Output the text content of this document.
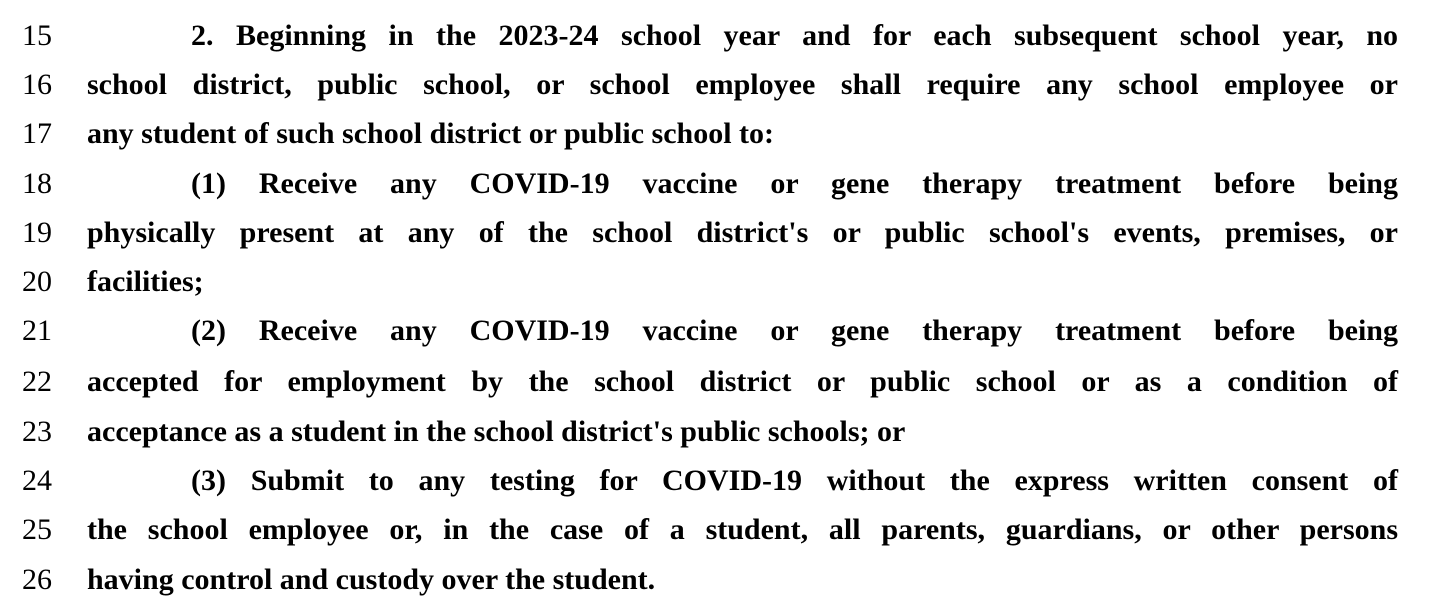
15	2. Beginning in the 2023-24 school year and for each subsequent school year, no
16	school district, public school, or school employee shall require any school employee or
17	any student of such school district or public school to:
18	(1) Receive any COVID-19 vaccine or gene therapy treatment before being
19	physically present at any of the school district's or public school's events, premises, or
20	facilities;
21	(2) Receive any COVID-19 vaccine or gene therapy treatment before being
22	accepted for employment by the school district or public school or as a condition of
23	acceptance as a student in the school district's public schools; or
24	(3) Submit to any testing for COVID-19 without the express written consent of
25	the school employee or, in the case of a student, all parents, guardians, or other persons
26	having control and custody over the student.
